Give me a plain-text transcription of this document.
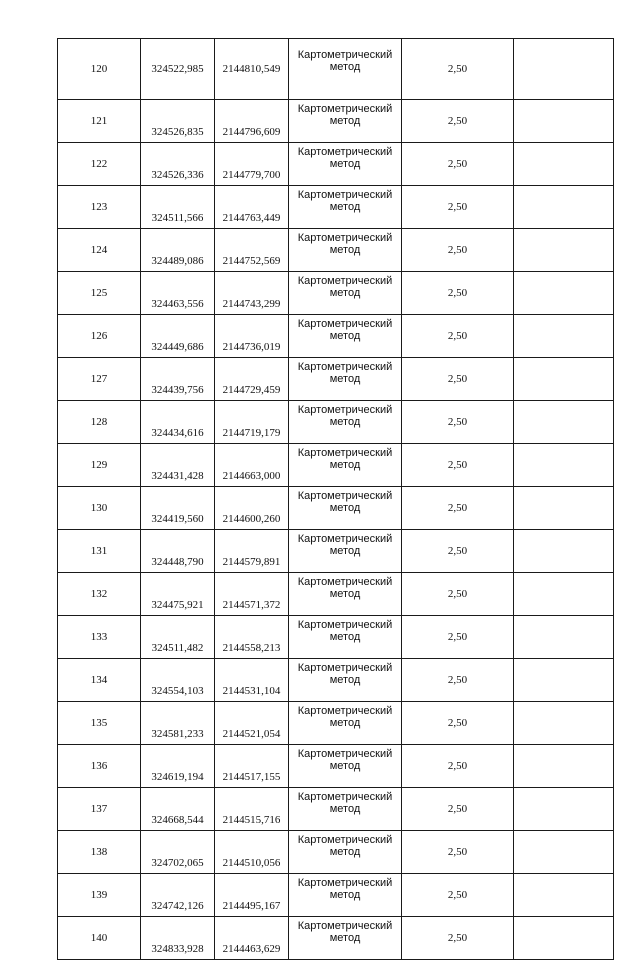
120	324522,985	2144810,549	Картометрический
метод	2,50	
121	324526,835	2144796,609	Картометрический
метод	2,50	
122	324526,336	2144779,700	Картометрический
метод	2,50	
123	324511,566	2144763,449	Картометрический
метод	2,50	
124	324489,086	2144752,569	Картометрический
метод	2,50	
125	324463,556	2144743,299	Картометрический
метод	2,50	
126	324449,686	2144736,019	Картометрический
метод	2,50	
127	324439,756	2144729,459	Картометрический
метод	2,50	
128	324434,616	2144719,179	Картометрический
метод	2,50	
129	324431,428	2144663,000	Картометрический
метод	2,50	
130	324419,560	2144600,260	Картометрический
метод	2,50	
131	324448,790	2144579,891	Картометрический
метод	2,50	
132	324475,921	2144571,372	Картометрический
метод	2,50	
133	324511,482	2144558,213	Картометрический
метод	2,50	
134	324554,103	2144531,104	Картометрический
метод	2,50	
135	324581,233	2144521,054	Картометрический
метод	2,50	
136	324619,194	2144517,155	Картометрический
метод	2,50	
137	324668,544	2144515,716	Картометрический
метод	2,50	
138	324702,065	2144510,056	Картометрический
метод	2,50	
139	324742,126	2144495,167	Картометрический
метод	2,50	
140	324833,928	2144463,629	Картометрический
метод	2,50	
